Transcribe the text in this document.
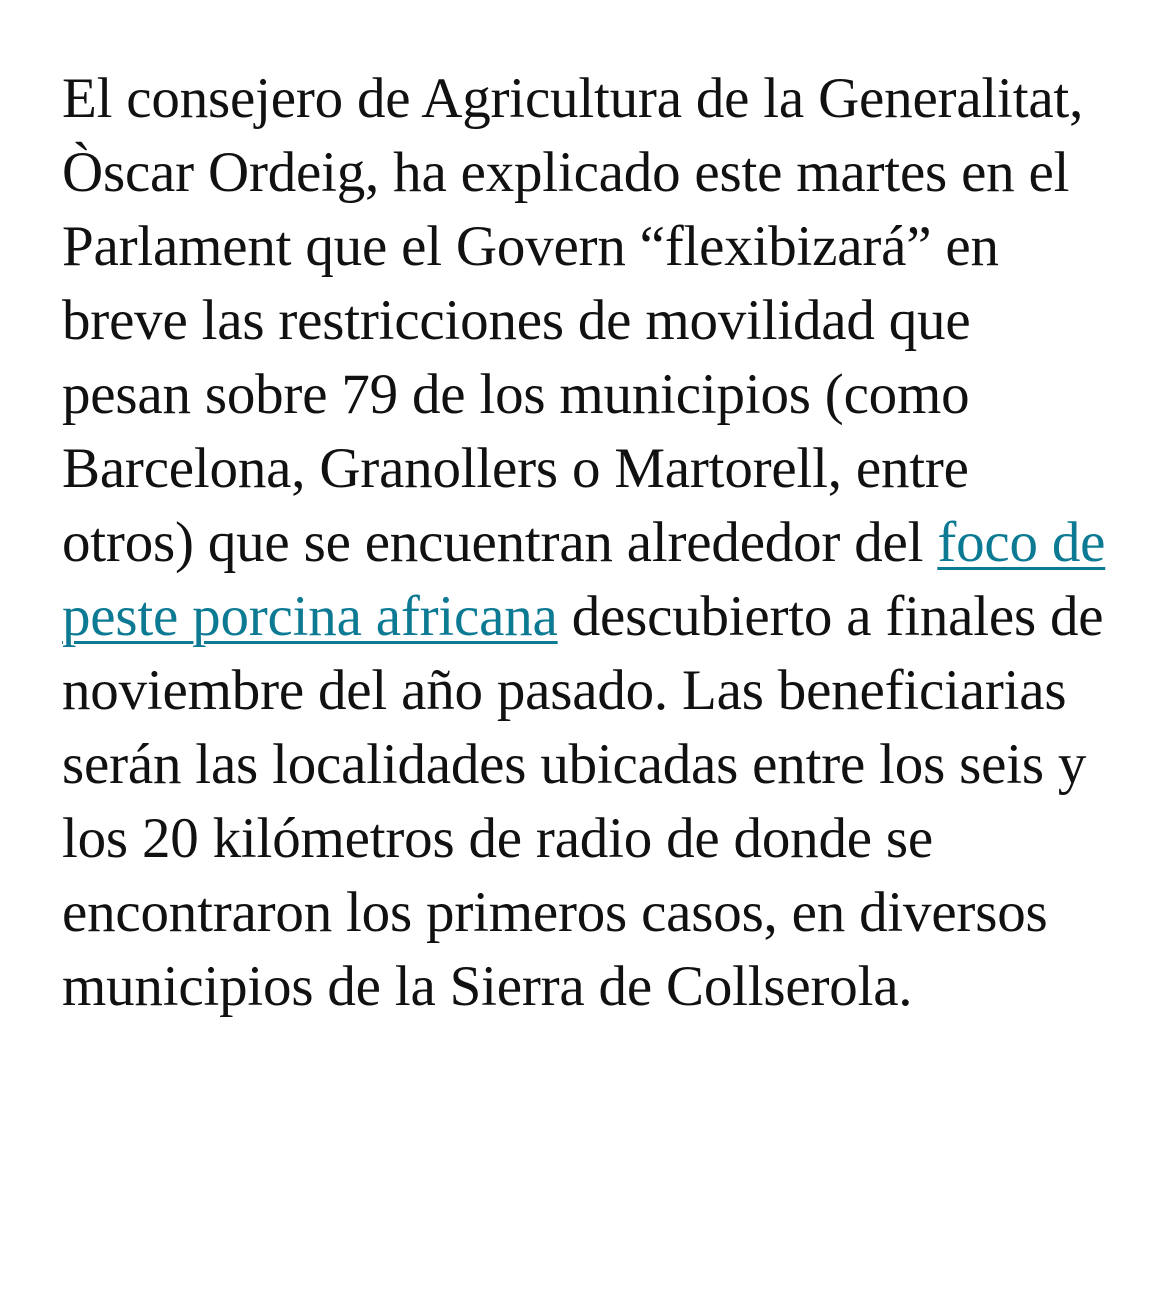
El consejero de Agricultura de la Generalitat, Òscar Ordeig, ha explicado este martes en el Parlament que el Govern “flexibizará” en breve las restricciones de movilidad que pesan sobre 79 de los municipios (como Barcelona, Granollers o Martorell, entre otros) que se encuentran alrededor del foco de peste porcina africana descubierto a finales de noviembre del año pasado. Las beneficiarias serán las localidades ubicadas entre los seis y los 20 kilómetros de radio de donde se encontraron los primeros casos, en diversos municipios de la Sierra de Collserola.
